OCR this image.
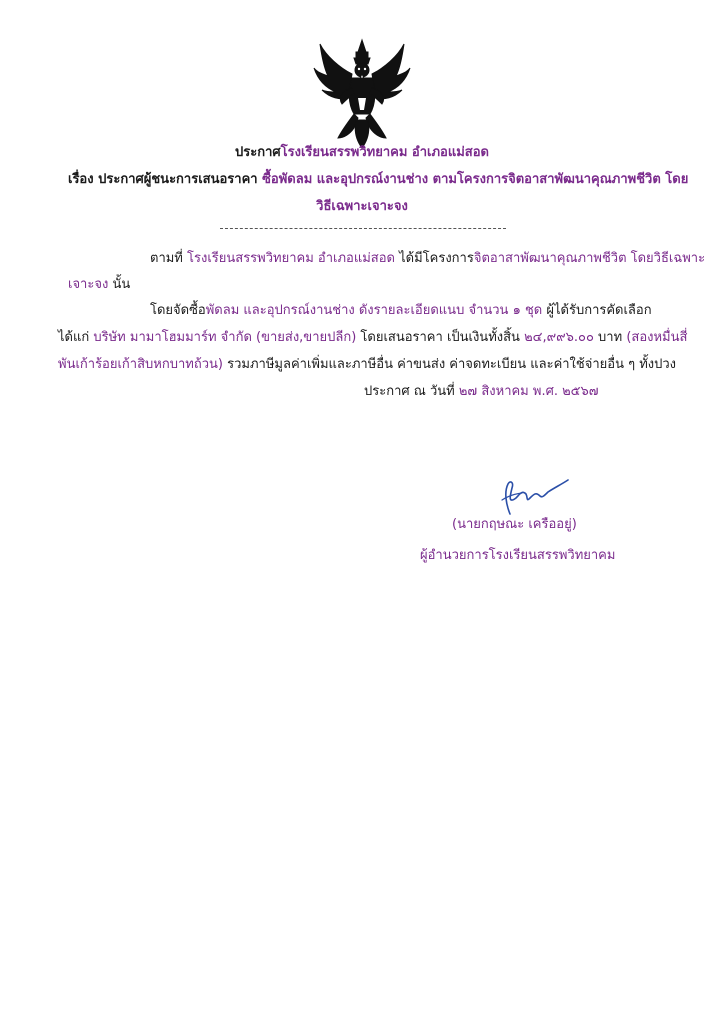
ประกาศโรงเรียนสรรพวิทยาคม อำเภอแม่สอด
เรื่อง ประกาศผู้ชนะการเสนอราคา ซื้อพัดลม และอุปกรณ์งานช่าง ตามโครงการจิตอาสาพัฒนาคุณภาพชีวิต โดย
วิธีเฉพาะเจาะจง
ตามที่ โรงเรียนสรรพวิทยาคม อำเภอแม่สอด ได้มีโครงการจิตอาสาพัฒนาคุณภาพชีวิต โดยวิธีเฉพาะ
เจาะจง นั้น
โดยจัดซื้อพัดลม และอุปกรณ์งานช่าง ดังรายละเอียดแนบ จำนวน ๑ ชุด ผู้ได้รับการคัดเลือก
ได้แก่ บริษัท มามาโฮมมาร์ท จำกัด (ขายส่ง,ขายปลีก) โดยเสนอราคา เป็นเงินทั้งสิ้น ๒๔,๙๙๖.๐๐ บาท (สองหมื่นสี่
พันเก้าร้อยเก้าสิบหกบาทถ้วน) รวมภาษีมูลค่าเพิ่มและภาษีอื่น ค่าขนส่ง ค่าจดทะเบียน และค่าใช้จ่ายอื่น ๆ ทั้งปวง
ประกาศ ณ วันที่ ๒๗ สิงหาคม พ.ศ. ๒๕๖๗
(นายกฤษณะ เครืออยู่)
ผู้อำนวยการโรงเรียนสรรพวิทยาคม
